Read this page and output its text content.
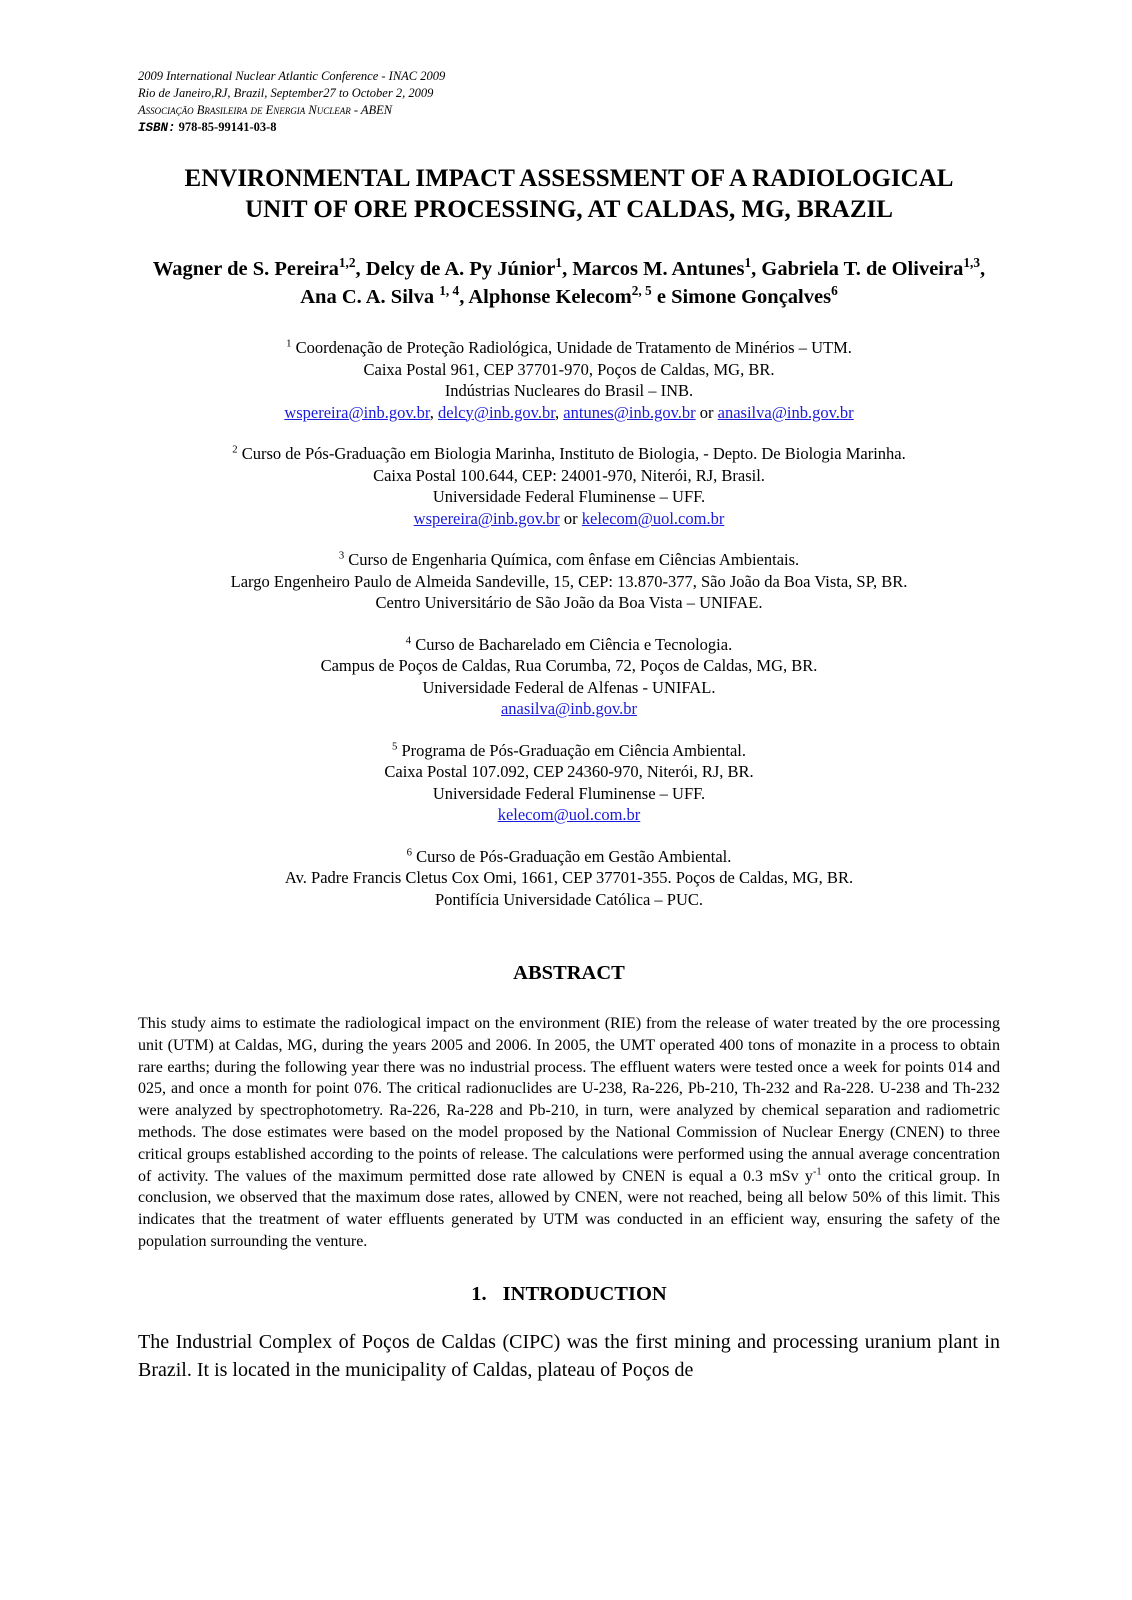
2009 International Nuclear Atlantic Conference - INAC 2009
Rio de Janeiro,RJ, Brazil, September27 to October 2, 2009
Associação Brasileira de Energia Nuclear - ABEN
ISBN: 978-85-99141-03-8
ENVIRONMENTAL IMPACT ASSESSMENT OF A RADIOLOGICAL
UNIT OF ORE PROCESSING, AT CALDAS, MG, BRAZIL
Wagner de S. Pereira$^{1,2}$, Delcy de A. Py Júnior$^1$, Marcos M. Antunes$^1$, Gabriela T. de Oliveira$^{1,3}$, Ana C. A. Silva $^{1, 4}$, Alphonse Kelecom$^{2, 5}$ e Simone Gonçalves$^6$
$^1$ Coordenação de Proteção Radiológica, Unidade de Tratamento de Minérios – UTM.
Caixa Postal 961, CEP 37701-970, Poços de Caldas, MG, BR.
Indústrias Nucleares do Brasil – INB.
wspereira@inb.gov.br, delcy@inb.gov.br, antunes@inb.gov.br or anasilva@inb.gov.br
$^2$ Curso de Pós-Graduação em Biologia Marinha, Instituto de Biologia, - Depto. De Biologia Marinha.
Caixa Postal 100.644, CEP: 24001-970, Niterói, RJ, Brasil.
Universidade Federal Fluminense – UFF.
wspereira@inb.gov.br or kelecom@uol.com.br
$^3$ Curso de Engenharia Química, com ênfase em Ciências Ambientais.
Largo Engenheiro Paulo de Almeida Sandeville, 15, CEP: 13.870-377, São João da Boa Vista, SP, BR.
Centro Universitário de São João da Boa Vista – UNIFAE.
$^4$ Curso de Bacharelado em Ciência e Tecnologia.
Campus de Poços de Caldas, Rua Corumba, 72, Poços de Caldas, MG, BR.
Universidade Federal de Alfenas - UNIFAL.
anasilva@inb.gov.br
$^5$ Programa de Pós-Graduação em Ciência Ambiental.
Caixa Postal 107.092, CEP 24360-970, Niterói, RJ, BR.
Universidade Federal Fluminense – UFF.
kelecom@uol.com.br
$^6$ Curso de Pós-Graduação em Gestão Ambiental.
Av. Padre Francis Cletus Cox Omi, 1661, CEP 37701-355. Poços de Caldas, MG, BR.
Pontifícia Universidade Católica – PUC.
ABSTRACT
This study aims to estimate the radiological impact on the environment (RIE) from the release of water treated by the ore processing unit (UTM) at Caldas, MG, during the years 2005 and 2006. In 2005, the UMT operated 400 tons of monazite in a process to obtain rare earths; during the following year there was no industrial process. The effluent waters were tested once a week for points 014 and 025, and once a month for point 076. The critical radionuclides are U-238, Ra-226, Pb-210, Th-232 and Ra-228. U-238 and Th-232 were analyzed by spectrophotometry. Ra-226, Ra-228 and Pb-210, in turn, were analyzed by chemical separation and radiometric methods. The dose estimates were based on the model proposed by the National Commission of Nuclear Energy (CNEN) to three critical groups established according to the points of release. The calculations were performed using the annual average concentration of activity. The values of the maximum permitted dose rate allowed by CNEN is equal a 0.3 mSv $y^{-1}$ onto the critical group. In conclusion, we observed that the maximum dose rates, allowed by CNEN, were not reached, being all below 50% of this limit. This indicates that the treatment of water effluents generated by UTM was conducted in an efficient way, ensuring the safety of the population surrounding the venture.
1. INTRODUCTION
The Industrial Complex of Poços de Caldas (CIPC) was the first mining and processing uranium plant in Brazil. It is located in the municipality of Caldas, plateau of Poços de
